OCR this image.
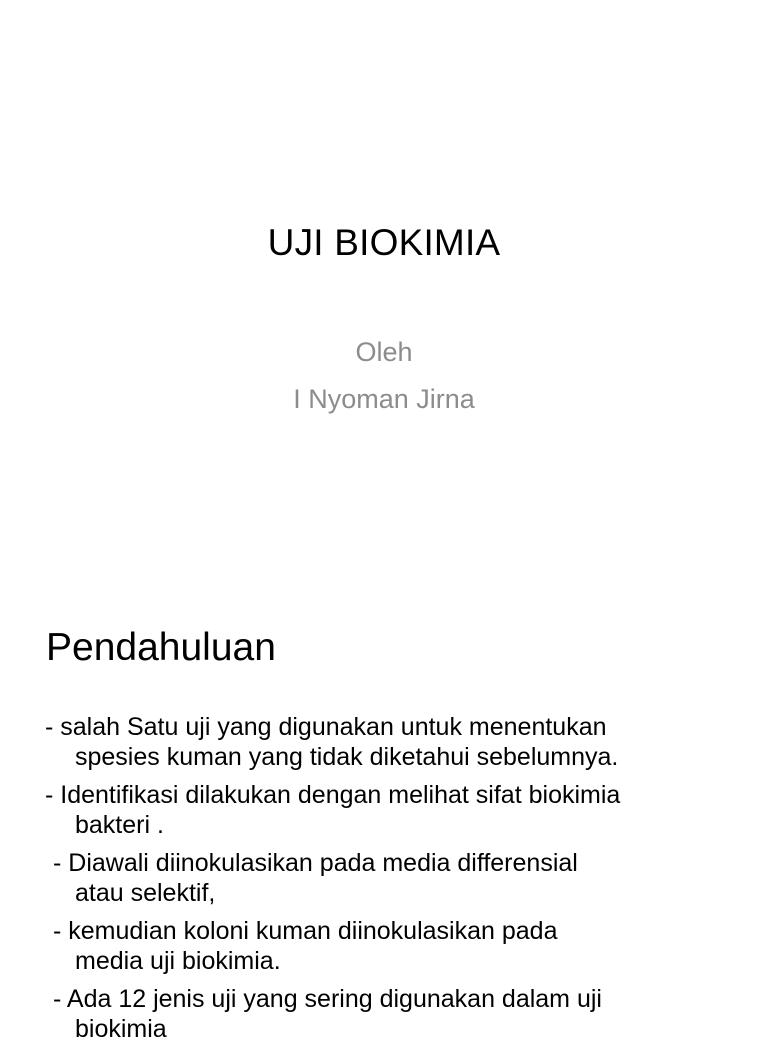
UJI BIOKIMIA
Oleh
I Nyoman Jirna
Pendahuluan
- salah Satu uji yang digunakan untuk menentukan
spesies kuman yang tidak diketahui sebelumnya.
- Identifikasi dilakukan dengan melihat sifat biokimia
bakteri .
- Diawali diinokulasikan pada media differensial
atau selektif,
- kemudian koloni kuman diinokulasikan pada
media uji biokimia.
- Ada 12 jenis uji yang sering digunakan dalam uji
biokimia
